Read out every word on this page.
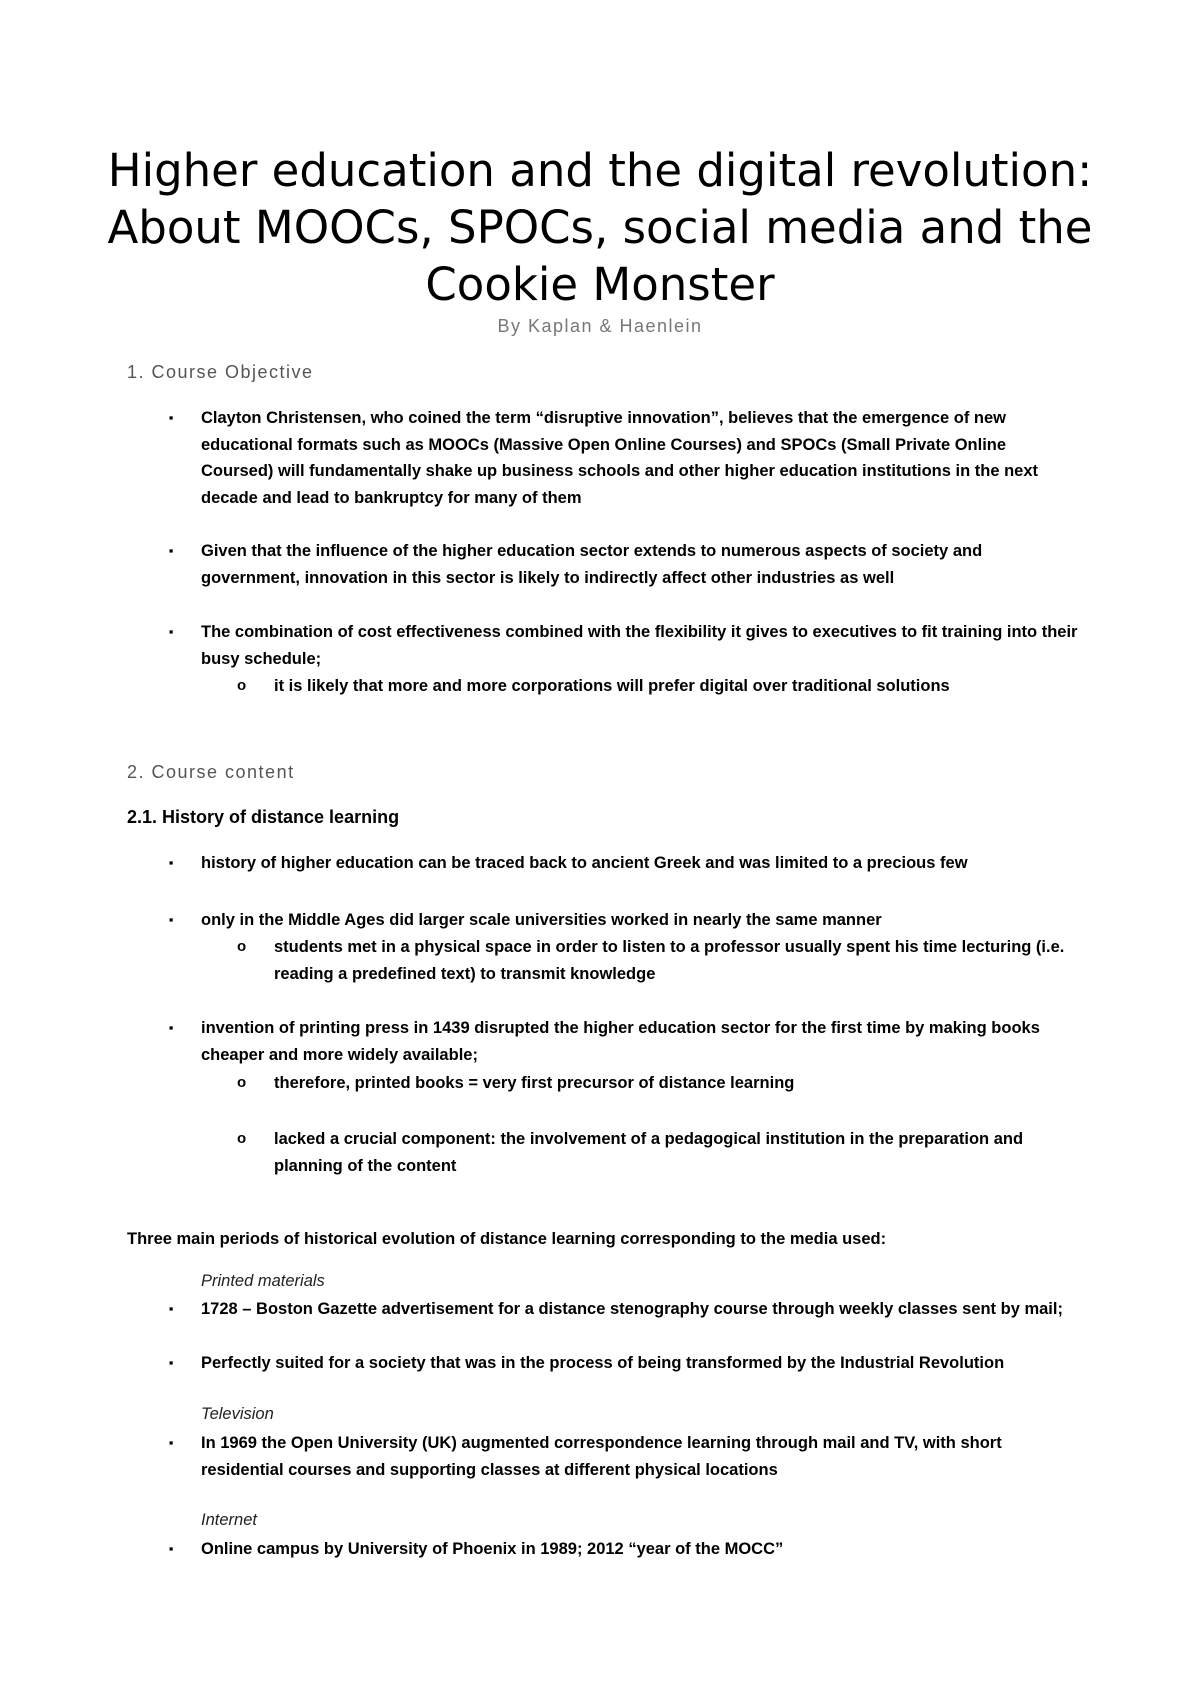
Higher education and the digital revolution: About MOOCs, SPOCs, social media and the Cookie Monster
By Kaplan & Haenlein
1. Course Objective
▪ Clayton Christensen, who coined the term “disruptive innovation”, believes that the emergence of new educational formats such as MOOCs (Massive Open Online Courses) and SPOCs (Small Private Online Coursed) will fundamentally shake up business schools and other higher education institutions in the next decade and lead to bankruptcy for many of them
▪ Given that the influence of the higher education sector extends to numerous aspects of society and government, innovation in this sector is likely to indirectly affect other industries as well
▪ The combination of cost effectiveness combined with the flexibility it gives to executives to fit training into their busy schedule;
o it is likely that more and more corporations will prefer digital over traditional solutions
2. Course content
2.1. History of distance learning
▪ history of higher education can be traced back to ancient Greek and was limited to a precious few
▪ only in the Middle Ages did larger scale universities worked in nearly the same manner
o students met in a physical space in order to listen to a professor usually spent his time lecturing (i.e. reading a predefined text) to transmit knowledge
▪ invention of printing press in 1439 disrupted the higher education sector for the first time by making books cheaper and more widely available;
o therefore, printed books = very first precursor of distance learning
o lacked a crucial component: the involvement of a pedagogical institution in the preparation and planning of the content
Three main periods of historical evolution of distance learning corresponding to the media used:
Printed materials
▪ 1728 – Boston Gazette advertisement for a distance stenography course through weekly classes sent by mail;
▪ Perfectly suited for a society that was in the process of being transformed by the Industrial Revolution
Television
▪ In 1969 the Open University (UK) augmented correspondence learning through mail and TV, with short residential courses and supporting classes at different physical locations
Internet
▪ Online campus by University of Phoenix in 1989; 2012 “year of the MOCC”
